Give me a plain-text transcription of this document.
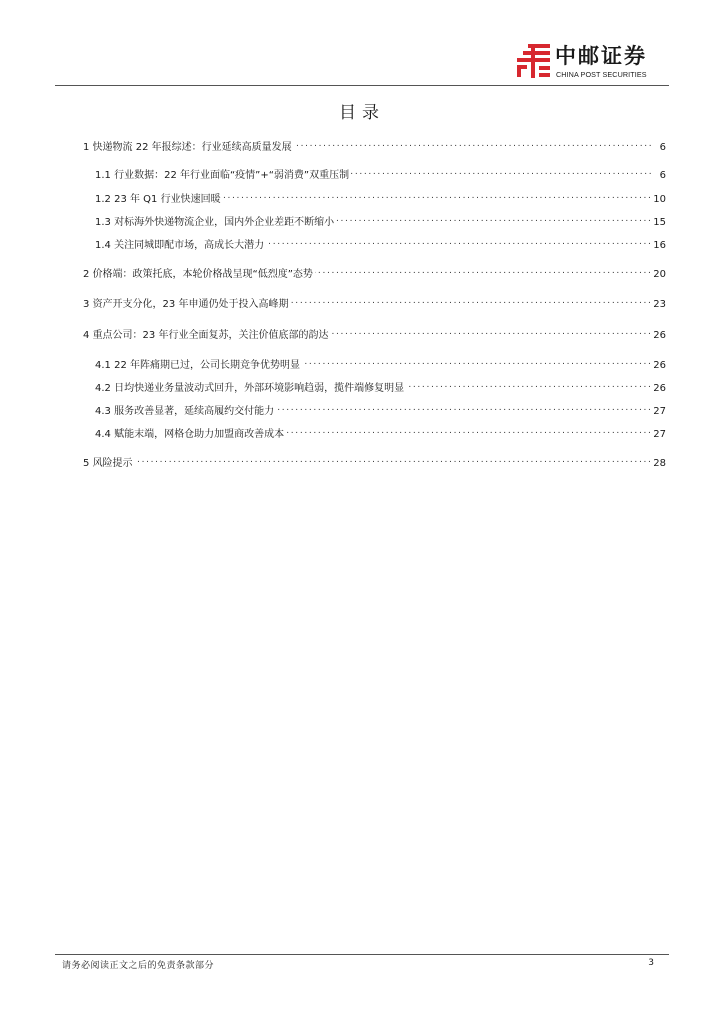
中邮证券
CHINA POST SECURITIES
目录
1 快递物流 22 年报综述：行业延续高质量发展 . . .	6
1.1 行业数据：22 年行业面临“疫情”+“弱消费”双重压制 . . .	6
1.2 23 年 Q1 行业快速回暖 . . .	10
1.3 对标海外快递物流企业，国内外企业差距不断缩小 . . .	15
1.4 关注同城即配市场，高成长大潜力 . . .	16
2 价格端：政策托底，本轮价格战呈现“低烈度”态势 . . .	20
3 资产开支分化，23 年申通仍处于投入高峰期 . . .	23
4 重点公司：23 年行业全面复苏，关注价值底部的韵达 . . .	26
4.1 22 年阵痛期已过，公司长期竞争优势明显 . . .	26
4.2 日均快递业务量波动式回升，外部环境影响趋弱，揽件端修复明显 . . .	26
4.3 服务改善显著，延续高履约交付能力 . . .	27
4.4 赋能末端，网格仓助力加盟商改善成本 . . .	27
5 风险提示 . . .	28
请务必阅读正文之后的免责条款部分	3
